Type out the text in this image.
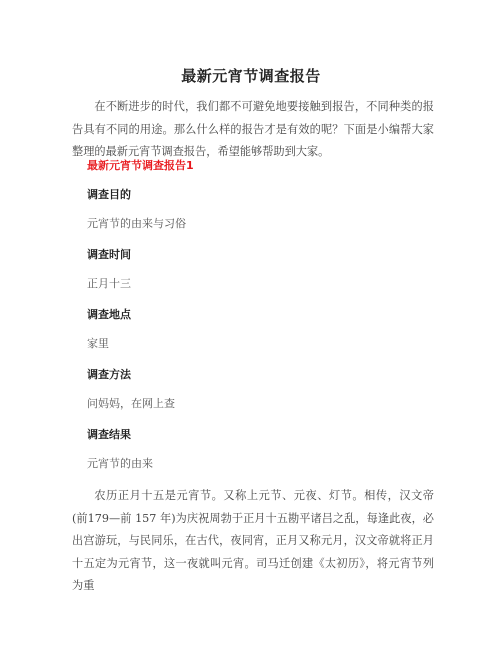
最新元宵节调查报告

在不断进步的时代，我们都不可避免地要接触到报告，不同种类的报告具有不同的用途。那么什么样的报告才是有效的呢？下面是小编帮大家整理的最新元宵节调查报告，希望能够帮助到大家。

最新元宵节调查报告1
调查目的
元宵节的由来与习俗
调查时间
正月十三
调查地点
家里
调查方法
问妈妈，在网上查
调查结果
元宵节的由来

农历正月十五是元宵节。又称上元节、元夜、灯节。相传，汉文帝(前179—前 157 年)为庆祝周勃于正月十五勘平诸吕之乱，每逢此夜，必出宫游玩，与民同乐，在古代，夜同宵，正月又称元月，汉文帝就将正月十五定为元宵节，这一夜就叫元宵。司马迁创建《太初历》，将元宵节列为重
